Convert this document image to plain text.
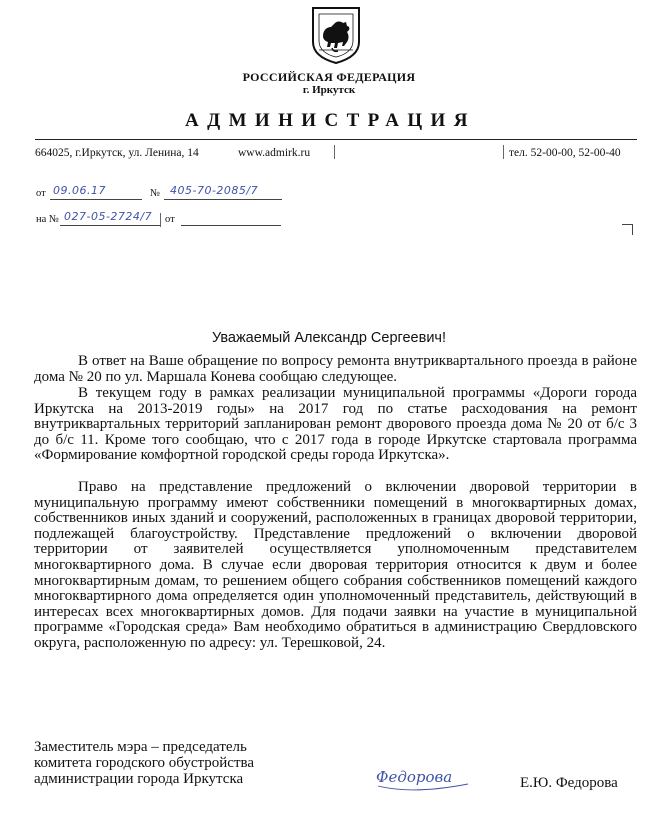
РОССИЙСКАЯ ФЕДЕРАЦИЯ
г. Иркутск
АДМИНИСТРАЦИЯ
664025, г.Иркутск, ул. Ленина, 14	www.admirk.ru	тел. 52-00-00, 52-00-40
от 09.06.17	№ 405-70-2085/7
на № 027-05-2724/7 от
Уважаемый Александр Сергеевич!
В ответ на Ваше обращение по вопросу ремонта внутриквартального проезда в районе дома № 20 по ул. Маршала Конева сообщаю следующее.
В текущем году в рамках реализации муниципальной программы «Дороги города Иркутска на 2013-2019 годы» на 2017 год по статье расходования на ремонт внутриквартальных территорий запланирован ремонт дворового проезда дома № 20 от б/с 3 до б/с 11. Кроме того сообщаю, что с 2017 года в городе Иркутске стартовала программа «Формирование комфортной городской среды города Иркутска».
Право на представление предложений о включении дворовой территории в муниципальную программу имеют собственники помещений в многоквартирных домах, собственников иных зданий и сооружений, расположенных в границах дворовой территории, подлежащей благоустройству. Представление предложений о включении дворовой территории от заявителей осуществляется уполномоченным представителем многоквартирного дома. В случае если дворовая территория относится к двум и более многоквартирным домам, то решением общего собрания собственников помещений каждого многоквартирного дома определяется один уполномоченный представитель, действующий в интересах всех многоквартирных домов. Для подачи заявки на участие в муниципальной программе «Городская среда» Вам необходимо обратиться в администрацию Свердловского округа, расположенную по адресу: ул. Терешковой, 24.
Заместитель мэра – председатель
комитета городского обустройства
администрации города Иркутска	Федорова	Е.Ю. Федорова
